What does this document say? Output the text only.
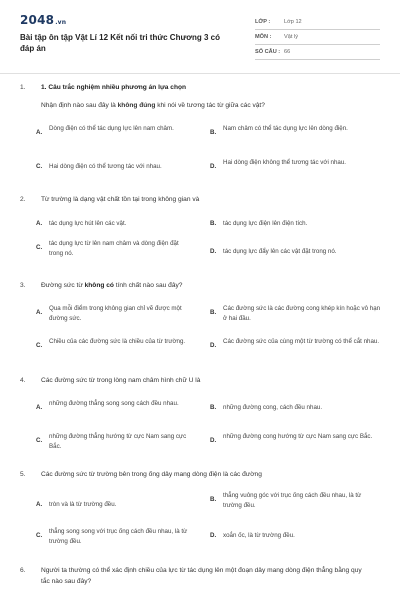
2048.vn
Bài tập ôn tập Vật Lí 12 Kết nối tri thức Chương 3 có đáp án
LỚP :	Lớp 12
MÔN :	Vật lý
SỐ CÂU : 66
1. 1. Câu trắc nghiệm nhiều phương án lựa chọn
Nhận định nào sau đây là không đúng khi nói về tương tác từ giữa các vật?
A.
Dòng điện có thể tác dụng lực lên nam châm.
B.
Nam châm có thể tác dụng lực lên dòng điện.
C. Hai dòng điện có thể tương tác với nhau.	D.
Hai dòng điện không thể tương tác với nhau.
2. Từ trường là dạng vật chất tồn tại trong không gian và
A. tác dụng lực hút lên các vật.	B. tác dụng lực điện lên điện tích.
C.
tác dụng lực từ lên nam châm và dòng điện đặt trong nó.	D. tác dụng lực đẩy lên các vật đặt trong nó.
3. Đường sức từ không có tính chất nào sau đây?
A.
Qua mỗi điểm trong không gian chỉ vẽ được một đường sức.
B.
Các đường sức là các đường cong khép kín hoặc vô hạn ở hai đầu.
C.
Chiều của các đường sức là chiều của từ trường.
D.
Các đường sức của cùng một từ trường có thể cắt nhau.
4. Các đường sức từ trong lòng nam châm hình chữ U là
A.
những đường thẳng song song cách đều nhau.
B. những đường cong, cách đều nhau.
C.
những đường thẳng hướng từ cực Nam sang cực Bắc.
D.
những đường cong hướng từ cực Nam sang cực Bắc.
5. Các đường sức từ trường bên trong ống dây mang dòng điện là các đường
A. tròn và là từ trường đều.
B.
thẳng vuông góc với trục ống cách đều nhau, là từ trường đều.
C.
thẳng song song với trục ống cách đều nhau, là từ trường đều.
D. xoắn ốc, là từ trường đều.
6. Người ta thường có thể xác định chiều của lực từ tác dụng lên một đoạn dây mang dòng điện thẳng bằng quy tắc nào sau đây?
